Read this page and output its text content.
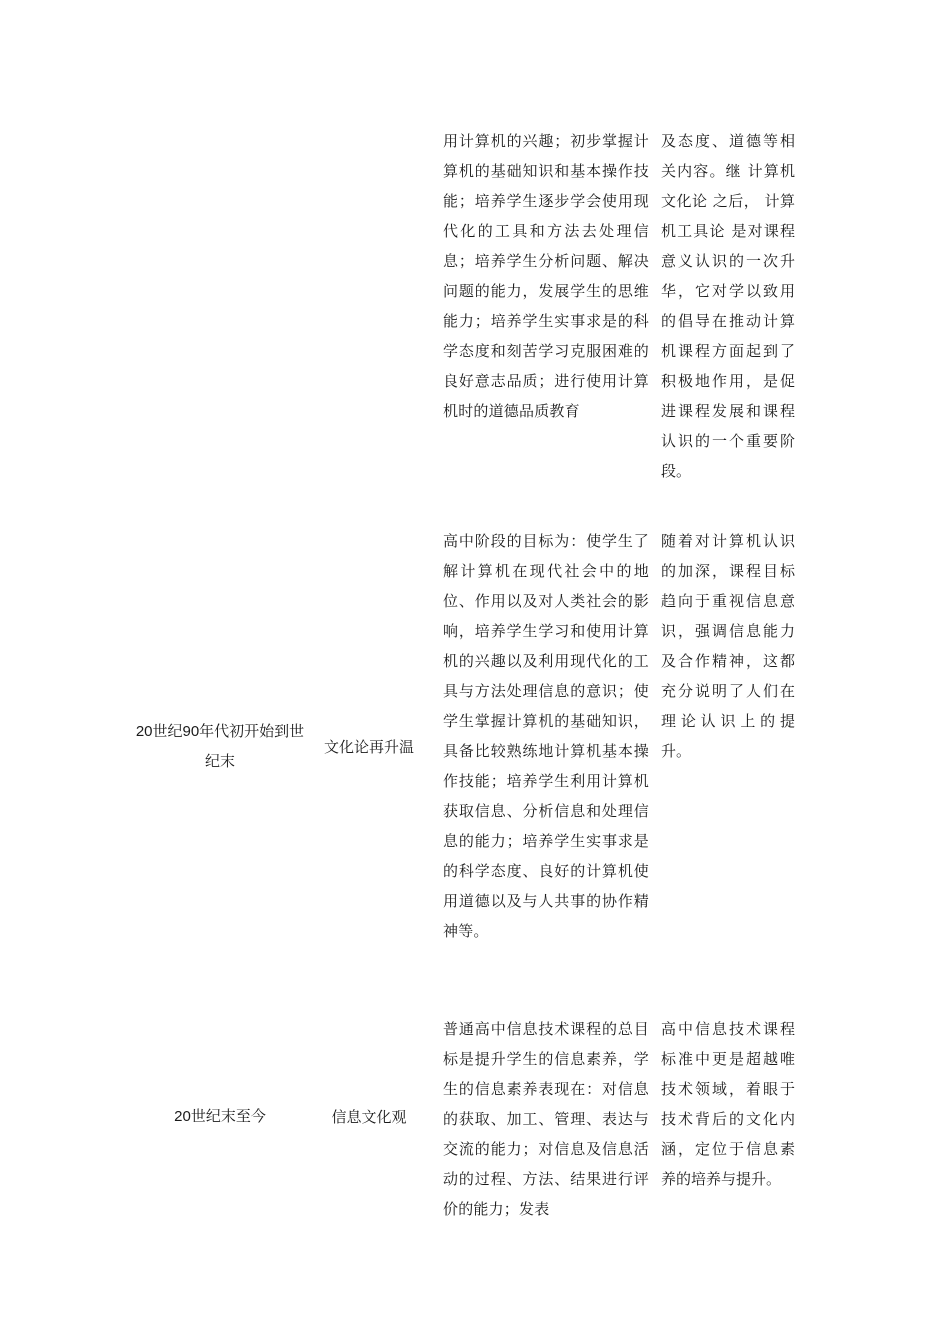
用计算机的兴趣；初步掌握计算机的基础知识和基本操作技能；培养学生逐步学会使用现代化的工具和方法去处理信息；培养学生分析问题、解决问题的能力，发展学生的思维能力；培养学生实事求是的科学态度和刻苦学习克服困难的良好意志品质；进行使用计算机时的道德品质教育
及态度、道德等相关内容。继 计算机文化论 之后， 计算机工具论 是对课程意义认识的一次升华，它对学以致用的倡导在推动计算机课程方面起到了积极地作用，是促进课程发展和课程认识的一个重要阶段。
20世纪90年代初开始到世纪末
文化论再升温
高中阶段的目标为：使学生了解计算机在现代社会中的地位、作用以及对人类社会的影响，培养学生学习和使用计算机的兴趣以及利用现代化的工具与方法处理信息的意识；使学生掌握计算机的基础知识，具备比较熟练地计算机基本操作技能；培养学生利用计算机获取信息、分析信息和处理信息的能力；培养学生实事求是的科学态度、良好的计算机使用道德以及与人共事的协作精神等。
随着对计算机认识的加深，课程目标趋向于重视信息意识，强调信息能力及合作精神，这都充分说明了人们在理论认识上的提升。
20世纪末至今	信息文化观
普通高中信息技术课程的总目标是提升学生的信息素养，学生的信息素养表现在：对信息的获取、加工、管理、表达与交流的能力；对信息及信息活动的过程、方法、结果进行评价的能力；发表
高中信息技术课程标准中更是超越唯技术领域，着眼于技术背后的文化内涵，定位于信息素养的培养与提升。
